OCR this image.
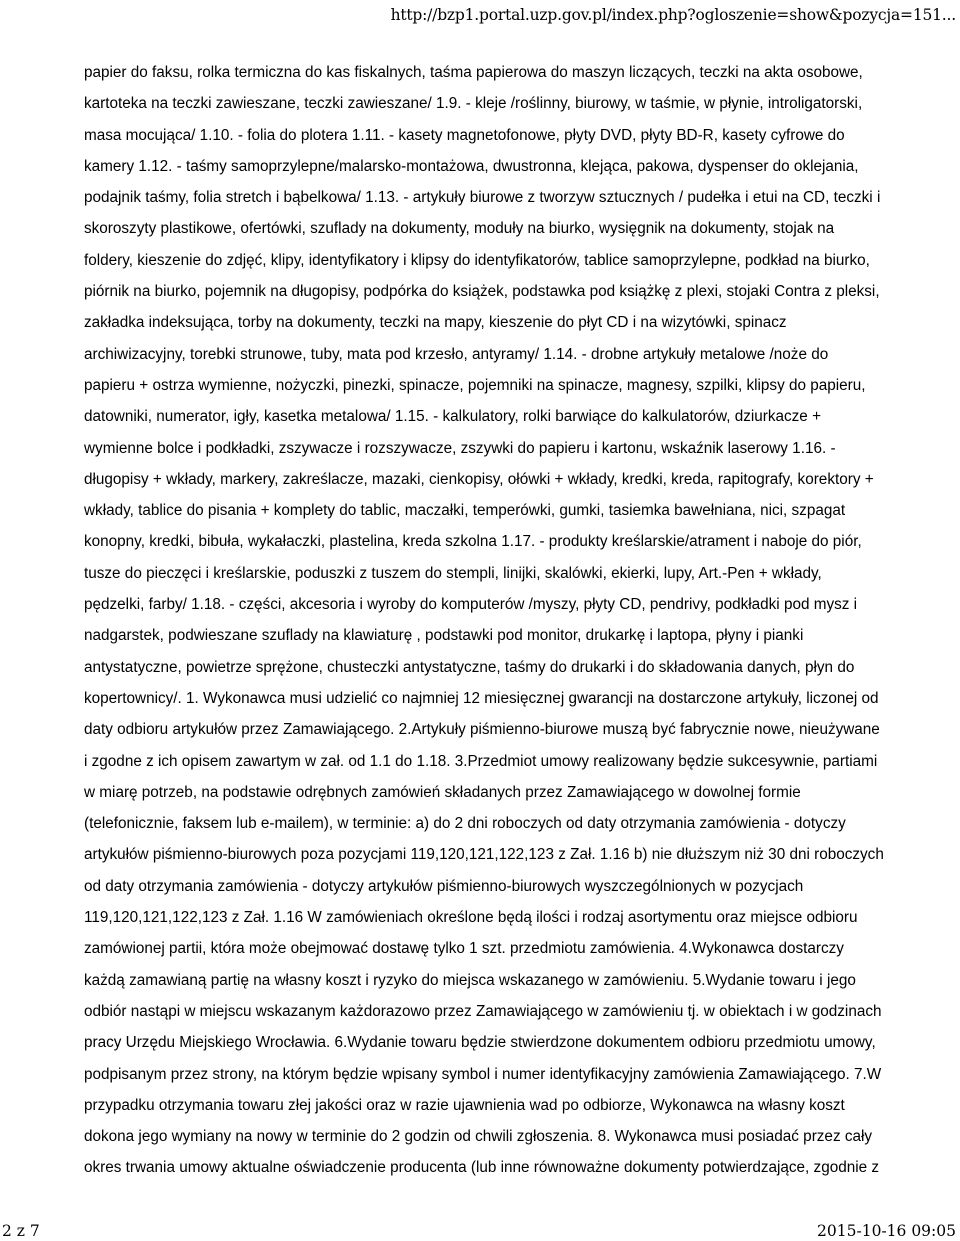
http://bzp1.portal.uzp.gov.pl/index.php?ogloszenie=show&pozycja=151...
papier do faksu, rolka termiczna do kas fiskalnych, taśma papierowa do maszyn liczących, teczki na akta osobowe,
kartoteka na teczki zawieszane, teczki zawieszane/ 1.9. - kleje /roślinny, biurowy, w taśmie, w płynie, introligatorski,
masa mocująca/ 1.10. - folia do plotera 1.11. - kasety magnetofonowe, płyty DVD, płyty BD-R, kasety cyfrowe do
kamery 1.12. - taśmy samoprzylepne/malarsko-montażowa, dwustronna, klejąca, pakowa, dyspenser do oklejania,
podajnik taśmy, folia stretch i bąbelkowa/ 1.13. - artykuły biurowe z tworzyw sztucznych / pudełka i etui na CD, teczki i
skoroszyty plastikowe, ofertówki, szuflady na dokumenty, moduły na biurko, wysięgnik na dokumenty, stojak na
foldery, kieszenie do zdjęć, klipy, identyfikatory i klipsy do identyfikatorów, tablice samoprzylepne, podkład na biurko,
piórnik na biurko, pojemnik na długopisy, podpórka do książek, podstawka pod książkę z plexi, stojaki Contra z pleksi,
zakładka indeksująca, torby na dokumenty, teczki na mapy, kieszenie do płyt CD i na wizytówki, spinacz
archiwizacyjny, torebki strunowe, tuby, mata pod krzesło, antyramy/ 1.14. - drobne artykuły metalowe /noże do
papieru + ostrza wymienne, nożyczki, pinezki, spinacze, pojemniki na spinacze, magnesy, szpilki, klipsy do papieru,
datowniki, numerator, igły, kasetka metalowa/ 1.15. - kalkulatory, rolki barwiące do kalkulatorów, dziurkacze +
wymienne bolce i podkładki, zszywacze i rozszywacze, zszywki do papieru i kartonu, wskaźnik laserowy 1.16. -
długopisy + wkłady, markery, zakreślacze, mazaki, cienkopisy, ołówki + wkłady, kredki, kreda, rapitografy, korektory +
wkłady, tablice do pisania + komplety do tablic, maczałki, temperówki, gumki, tasiemka bawełniana, nici, szpagat
konopny, kredki, bibuła, wykałaczki, plastelina, kreda szkolna 1.17. - produkty kreślarskie/atrament i naboje do piór,
tusze do pieczęci i kreślarskie, poduszki z tuszem do stempli, linijki, skalówki, ekierki, lupy, Art.-Pen + wkłady,
pędzelki, farby/ 1.18. - części, akcesoria i wyroby do komputerów /myszy, płyty CD, pendrivy, podkładki pod mysz i
nadgarstek, podwieszane szuflady na klawiaturę , podstawki pod monitor, drukarkę i laptopa, płyny i pianki
antystatyczne, powietrze sprężone, chusteczki antystatyczne, taśmy do drukarki i do składowania danych, płyn do
kopertownicy/. 1. Wykonawca musi udzielić co najmniej 12 miesięcznej gwarancji na dostarczone artykuły, liczonej od
daty odbioru artykułów przez Zamawiającego. 2.Artykuły piśmienno-biurowe muszą być fabrycznie nowe, nieużywane
i zgodne z ich opisem zawartym w zał. od 1.1 do 1.18. 3.Przedmiot umowy realizowany będzie sukcesywnie, partiami
w miarę potrzeb, na podstawie odrębnych zamówień składanych przez Zamawiającego w dowolnej formie
(telefonicznie, faksem lub e-mailem), w terminie: a) do 2 dni roboczych od daty otrzymania zamówienia - dotyczy
artykułów piśmienno-biurowych poza pozycjami 119,120,121,122,123 z Zał. 1.16 b) nie dłuższym niż 30 dni roboczych
od daty otrzymania zamówienia - dotyczy artykułów piśmienno-biurowych wyszczególnionych w pozycjach
119,120,121,122,123 z Zał. 1.16 W zamówieniach określone będą ilości i rodzaj asortymentu oraz miejsce odbioru
zamówionej partii, która może obejmować dostawę tylko 1 szt. przedmiotu zamówienia. 4.Wykonawca dostarczy
każdą zamawianą partię na własny koszt i ryzyko do miejsca wskazanego w zamówieniu. 5.Wydanie towaru i jego
odbiór nastąpi w miejscu wskazanym każdorazowo przez Zamawiającego w zamówieniu tj. w obiektach i w godzinach
pracy Urzędu Miejskiego Wrocławia. 6.Wydanie towaru będzie stwierdzone dokumentem odbioru przedmiotu umowy,
podpisanym przez strony, na którym będzie wpisany symbol i numer identyfikacyjny zamówienia Zamawiającego. 7.W
przypadku otrzymania towaru złej jakości oraz w razie ujawnienia wad po odbiorze, Wykonawca na własny koszt
dokona jego wymiany na nowy w terminie do 2 godzin od chwili zgłoszenia. 8. Wykonawca musi posiadać przez cały
okres trwania umowy aktualne oświadczenie producenta (lub inne równoważne dokumenty potwierdzające, zgodnie z
2 z 7	2015-10-16 09:05
